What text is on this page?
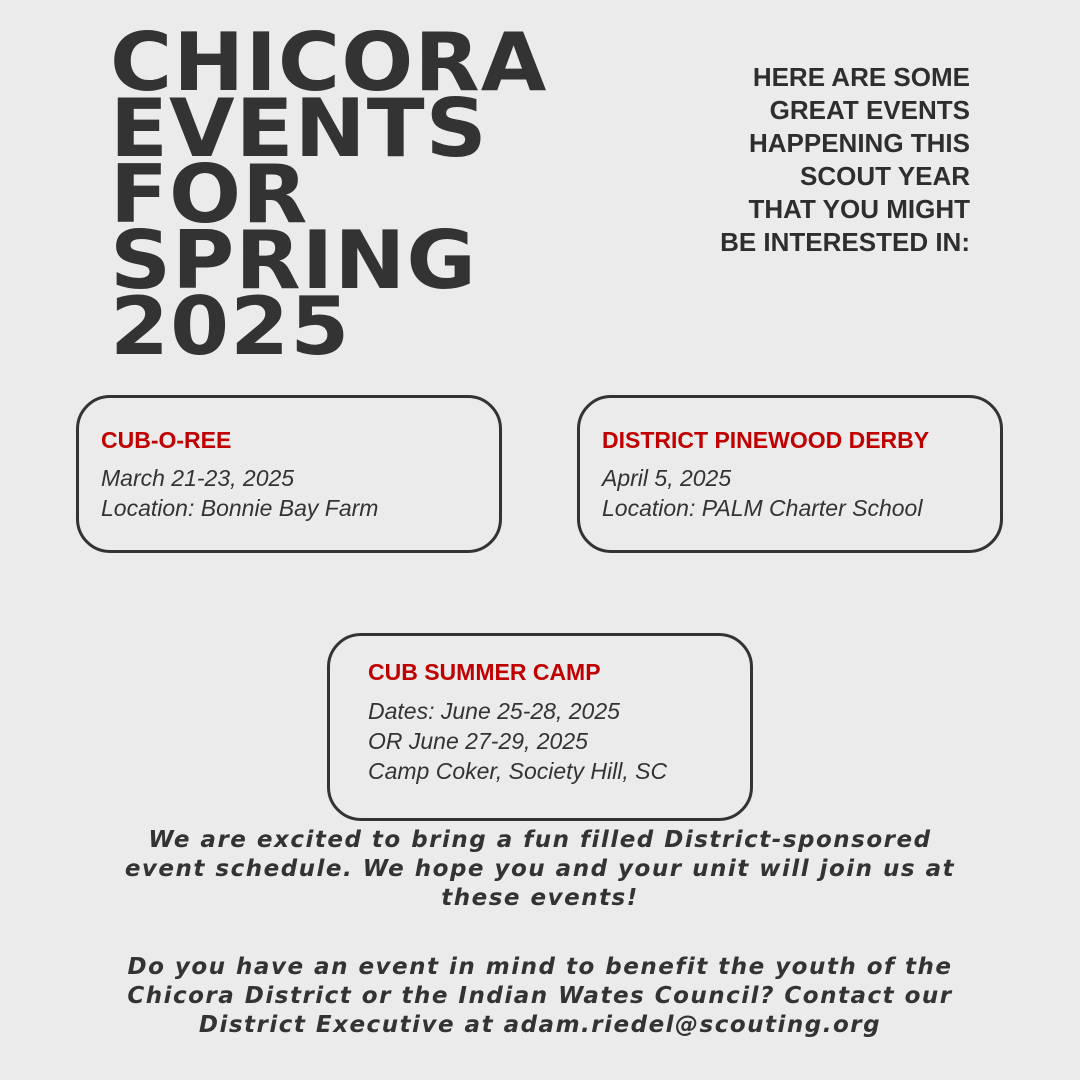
CHICORA
EVENTS
FOR
SPRING
2025
HERE ARE SOME
GREAT EVENTS
HAPPENING THIS
SCOUT YEAR
THAT YOU MIGHT
BE INTERESTED IN:
CUB-O-REE
March 21-23, 2025
Location: Bonnie Bay Farm
DISTRICT PINEWOOD DERBY
April 5, 2025
Location: PALM Charter School
CUB SUMMER CAMP
Dates: June 25-28, 2025
OR June 27-29, 2025
Camp Coker, Society Hill, SC
We are excited to bring a fun filled District-sponsored
event schedule. We hope you and your unit will join us at
these events!
Do you have an event in mind to benefit the youth of the
Chicora District or the Indian Wates Council? Contact our
District Executive at adam.riedel@scouting.org
